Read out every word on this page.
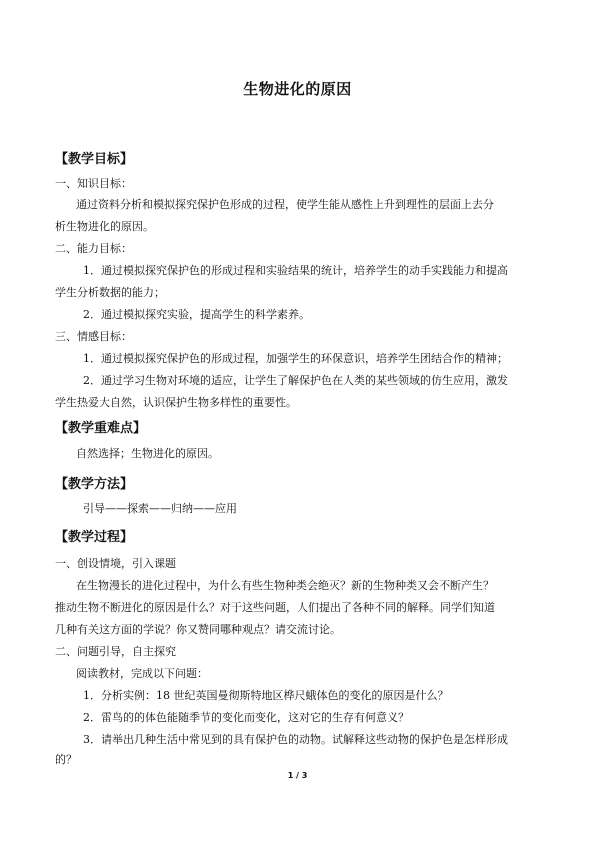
生物进化的原因
【教学目标】
一、知识目标：
通过资料分析和模拟探究保护色形成的过程，使学生能从感性上升到理性的层面上去分
析生物进化的原因。
二、能力目标：
1．通过模拟探究保护色的形成过程和实验结果的统计，培养学生的动手实践能力和提高
学生分析数据的能力；
2．通过模拟探究实验，提高学生的科学素养。
三、情感目标：
1．通过模拟探究保护色的形成过程，加强学生的环保意识，培养学生团结合作的精神；
2．通过学习生物对环境的适应，让学生了解保护色在人类的某些领域的仿生应用，激发
学生热爱大自然，认识保护生物多样性的重要性。
【教学重难点】
自然选择；生物进化的原因。
【教学方法】
引导——探索——归纳——应用
【教学过程】
一、创设情境，引入课题
在生物漫长的进化过程中，为什么有些生物种类会绝灭？新的生物种类又会不断产生？
推动生物不断进化的原因是什么？对于这些问题，人们提出了各种不同的解释。同学们知道
几种有关这方面的学说？你又赞同哪种观点？请交流讨论。
二、问题引导，自主探究
阅读教材，完成以下问题：
1．分析实例：18 世纪英国曼彻斯特地区桦尺蛾体色的变化的原因是什么？
2．雷鸟的的体色能随季节的变化而变化，这对它的生存有何意义？
3．请举出几种生活中常见到的具有保护色的动物。试解释这些动物的保护色是怎样形成
的？
1 / 3
